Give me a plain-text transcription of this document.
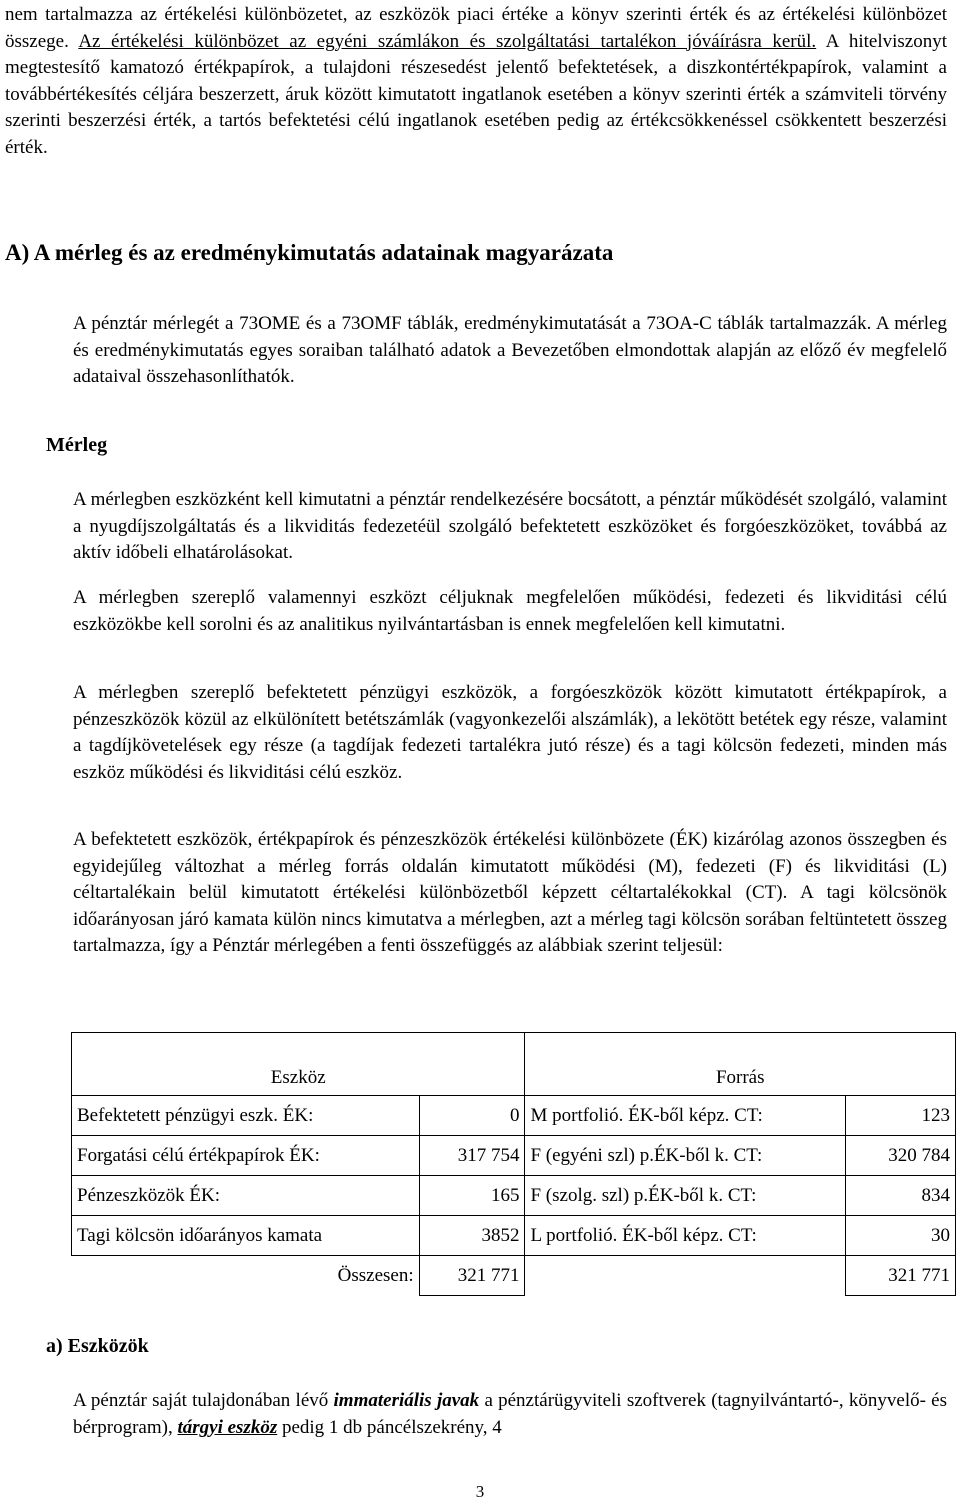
nem tartalmazza az értékelési különbözetet, az eszközök piaci értéke a könyv szerinti érték és az értékelési különbözet összege. Az értékelési különbözet az egyéni számlákon és szolgáltatási tartalékon jóváírásra kerül. A hitelviszonyt megtestesítő kamatozó értékpapírok, a tulajdoni részesedést jelentő befektetések, a diszkontértékpapírok, valamint a továbbértékesítés céljára beszerzett, áruk között kimutatott ingatlanok esetében a könyv szerinti érték a számviteli törvény szerinti beszerzési érték, a tartós befektetési célú ingatlanok esetében pedig az értékcsökkenéssel csökkentett beszerzési érték.

A) A mérleg és az eredménykimutatás adatainak magyarázata

A pénztár mérlegét a 73OME és a 73OMF táblák, eredménykimutatását a 73OA-C táblák tartalmazzák. A mérleg és eredménykimutatás egyes soraiban található adatok a Bevezetőben elmondottak alapján az előző év megfelelő adataival összehasonlíthatók.

Mérleg

A mérlegben eszközként kell kimutatni a pénztár rendelkezésére bocsátott, a pénztár működését szolgáló, valamint a nyugdíjszolgáltatás és a likviditás fedezetéül szolgáló befektetett eszközöket és forgóeszközöket, továbbá az aktív időbeli elhatárolásokat.

A mérlegben szereplő valamennyi eszközt céljuknak megfelelően működési, fedezeti és likviditási célú eszközökbe kell sorolni és az analitikus nyilvántartásban is ennek megfelelően kell kimutatni.

A mérlegben szereplő befektetett pénzügyi eszközök, a forgóeszközök között kimutatott értékpapírok, a pénzeszközök közül az elkülönített betétszámlák (vagyonkezelői alszámlák), a lekötött betétek egy része, valamint a tagdíjkövetelések egy része (a tagdíjak fedezeti tartalékra jutó része) és a tagi kölcsön fedezeti, minden más eszköz működési és likviditási célú eszköz.

A befektetett eszközök, értékpapírok és pénzeszközök értékelési különbözete (ÉK) kizárólag azonos összegben és egyidejűleg változhat a mérleg forrás oldalán kimutatott működési (M), fedezeti (F) és likviditási (L) céltartalékain belül kimutatott értékelési különbözetből képzett céltartalékokkal (CT). A tagi kölcsönök időarányosan járó kamata külön nincs kimutatva a mérlegben, azt a mérleg tagi kölcsön sorában feltüntetett összeg tartalmazza, így a Pénztár mérlegében a fenti összefüggés az alábbiak szerint teljesül:

Eszköz		Forrás	
Befektetett pénzügyi eszk. ÉK:	0	M portfolió. ÉK-ből képz. CT:	123
Forgatási célú értékpapírok ÉK:	317 754	F (egyéni szl) p.ÉK-ből k. CT:	320 784
Pénzeszközök ÉK:	165	F (szolg. szl) p.ÉK-ből k. CT:	834
Tagi kölcsön időarányos kamata	3852	L portfolió. ÉK-ből képz. CT:	30
Összesen:	321 771		321 771
a) Eszközök

A pénztár saját tulajdonában lévő immateriális javak a pénztárügyviteli szoftverek (tagnyilvántartó-, könyvelő- és bérprogram), tárgyi eszköz pedig 1 db páncélszekrény, 4

3
